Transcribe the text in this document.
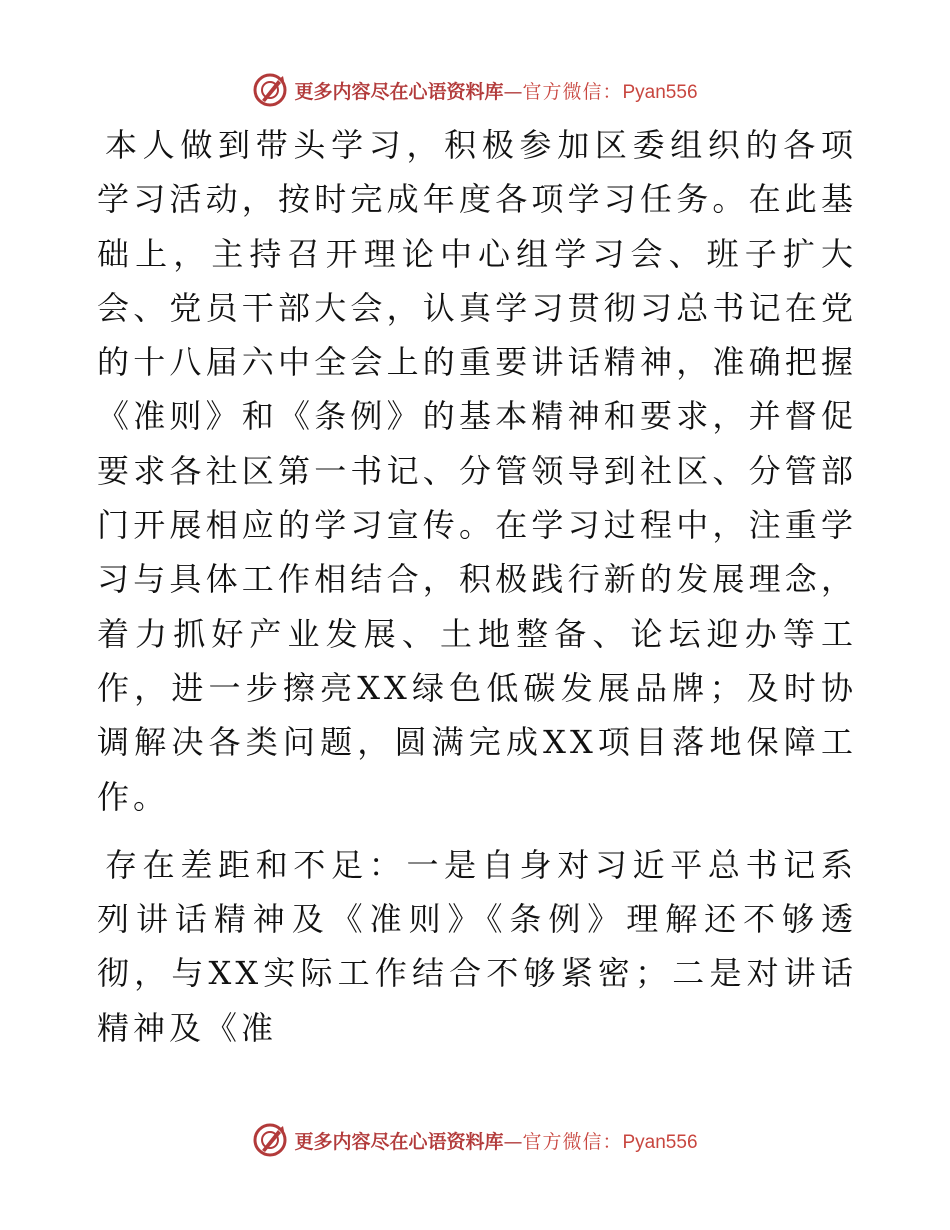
更多内容尽在心语资料库 — 官方微信： Pyan556

本人做到带头学习，积极参加区委组织的各项学习活动，按时完成年度各项学习任务。在此基础上，主持召开理论中心组学习会、班子扩大会、党员干部大会，认真学习贯彻习总书记在党的十八届六中全会上的重要讲话精神，准确把握《准则》和《条例》的基本精神和要求，并督促要求各社区第一书记、分管领导到社区、分管部门开展相应的学习宣传。在学习过程中，注重学习与具体工作相结合，积极践行新的发展理念，着力抓好产业发展、土地整备、论坛迎办等工作，进一步擦亮XX绿色低碳发展品牌；及时协调解决各类问题，圆满完成XX项目落地保障工作。

存在差距和不足：一是自身对习近平总书记系列讲话精神及《准则》《条例》理解还不够透彻，与XX实际工作结合不够紧密；二是对讲话精神及《准

更多内容尽在心语资料库 — 官方微信： Pyan556
